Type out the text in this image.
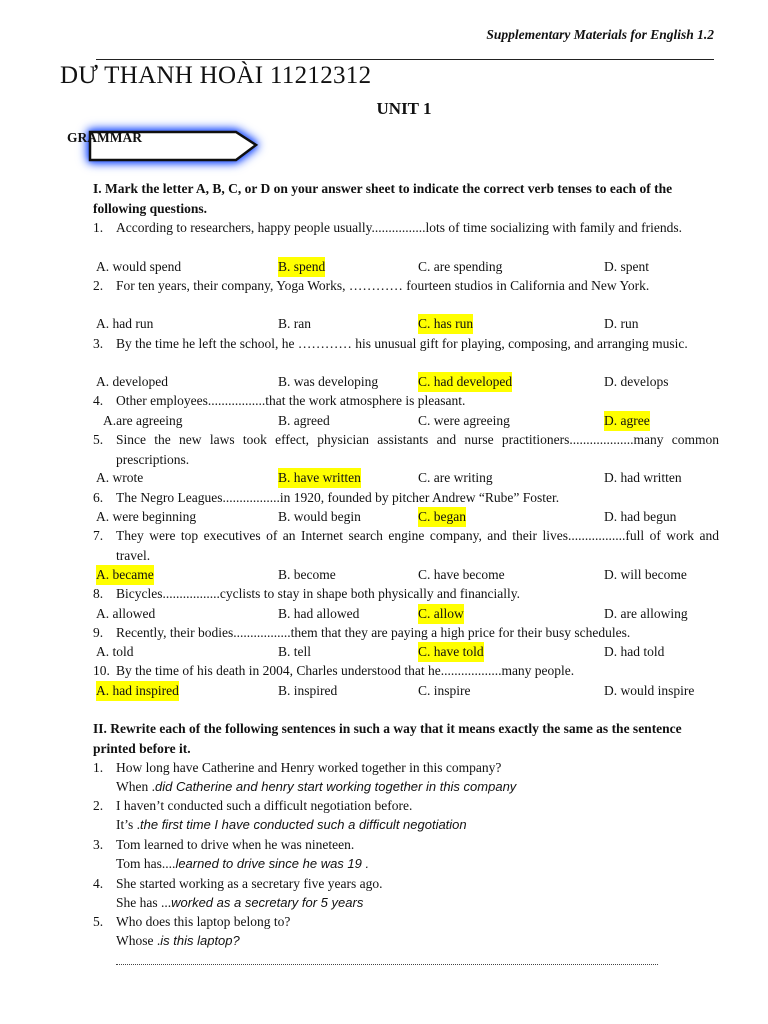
Supplementary Materials for English 1.2
DƯ THANH HOÀI 11212312
UNIT 1
GRAMMAR
I. Mark the letter A, B, C, or D on your answer sheet to indicate the correct verb tenses to each of the following questions.
1. According to researchers, happy people usually................lots of time socializing with family and friends.
A. would spend	B. spend	C. are spending	D. spent
2. For ten years, their company, Yoga Works, ………… fourteen studios in California and New York.
A. had run	B. ran	C. has run	D. run
3. By the time he left the school, he ………… his unusual gift for playing, composing, and arranging music.
A. developed	B. was developing	C. had developed	D. develops
4. Other employees.................that the work atmosphere is pleasant.
A.are agreeing	B. agreed	C. were agreeing	D. agree
5. Since the new laws took effect, physician assistants and nurse practitioners...................many common prescriptions.
A. wrote	B. have written	C. are writing	D. had written
6. The Negro Leagues.................in 1920, founded by pitcher Andrew “Rube” Foster.
A. were beginning	B. would begin	C. began	D. had begun
7. They were top executives of an Internet search engine company, and their lives.................full of work and travel.
A. became	B. become	C. have become	D. will become
8. Bicycles.................cyclists to stay in shape both physically and financially.
A. allowed	B. had allowed	C. allow	D. are allowing
9. Recently, their bodies.................them that they are paying a high price for their busy schedules.
A. told	B. tell	C. have told	D. had told
10. By the time of his death in 2004, Charles understood that he..................many people.
A. had inspired	B. inspired	C. inspire	D. would inspire
II. Rewrite each of the following sentences in such a way that it means exactly the same as the sentence printed before it.
1. How long have Catherine and Henry worked together in this company?
When .did Catherine and henry start working together in this company
2. I haven’t conducted such a difficult negotiation before.
It’s .the first time I have conducted such a difficult negotiation
3. Tom learned to drive when he was nineteen.
Tom has....learned to drive since he was 19 .
4. She started working as a secretary five years ago.
She has ...worked as a secretary for 5 years
5. Who does this laptop belong to?
Whose .is this laptop?
